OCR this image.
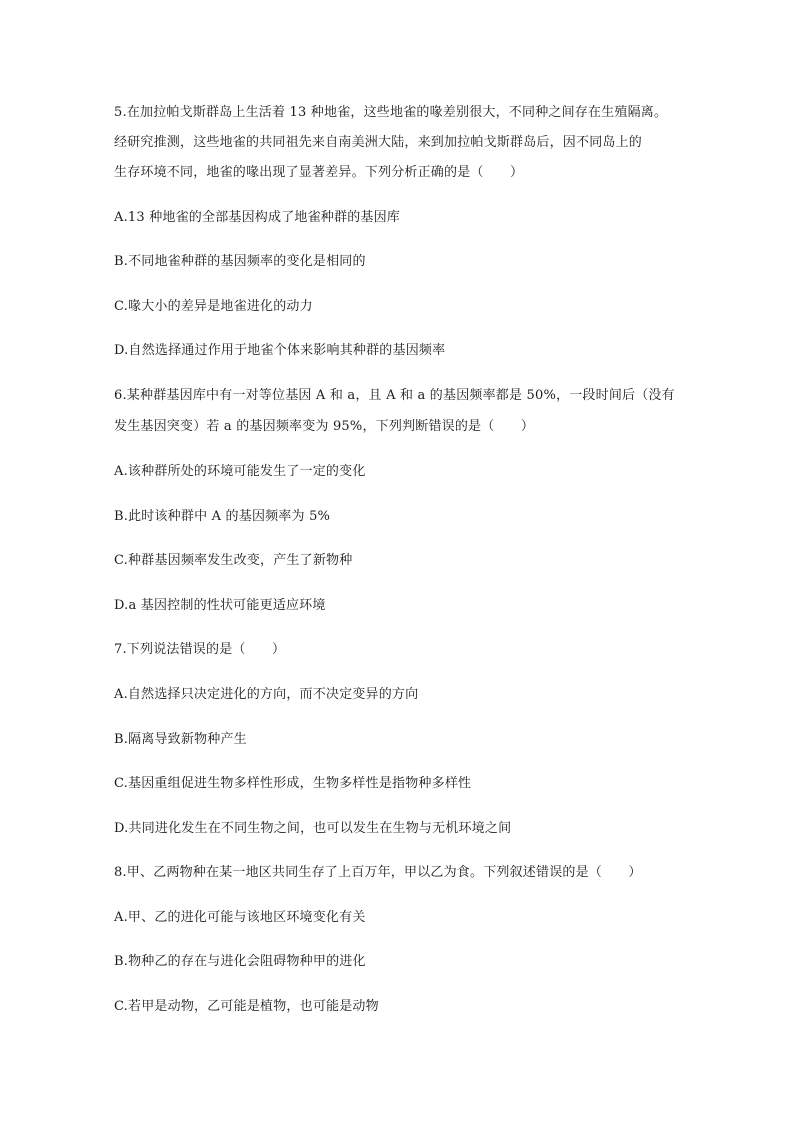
5.在加拉帕戈斯群岛上生活着 13 种地雀，这些地雀的喙差别很大，不同种之间存在生殖隔离。
经研究推测，这些地雀的共同祖先来自南美洲大陆，来到加拉帕戈斯群岛后，因不同岛上的
生存环境不同，地雀的喙出现了显著差异。下列分析正确的是（　　）
A.13 种地雀的全部基因构成了地雀种群的基因库
B.不同地雀种群的基因频率的变化是相同的
C.喙大小的差异是地雀进化的动力
D.自然选择通过作用于地雀个体来影响其种群的基因频率
6.某种群基因库中有一对等位基因 A 和 a，且 A 和 a 的基因频率都是 50%，一段时间后（没有
发生基因突变）若 a 的基因频率变为 95%，下列判断错误的是（　　）
A.该种群所处的环境可能发生了一定的变化
B.此时该种群中 A 的基因频率为 5%
C.种群基因频率发生改变，产生了新物种
D.a 基因控制的性状可能更适应环境
7.下列说法错误的是（　　）
A.自然选择只决定进化的方向，而不决定变异的方向
B.隔离导致新物种产生
C.基因重组促进生物多样性形成，生物多样性是指物种多样性
D.共同进化发生在不同生物之间，也可以发生在生物与无机环境之间
8.甲、乙两物种在某一地区共同生存了上百万年，甲以乙为食。下列叙述错误的是（　　）
A.甲、乙的进化可能与该地区环境变化有关
B.物种乙的存在与进化会阻碍物种甲的进化
C.若甲是动物，乙可能是植物，也可能是动物
